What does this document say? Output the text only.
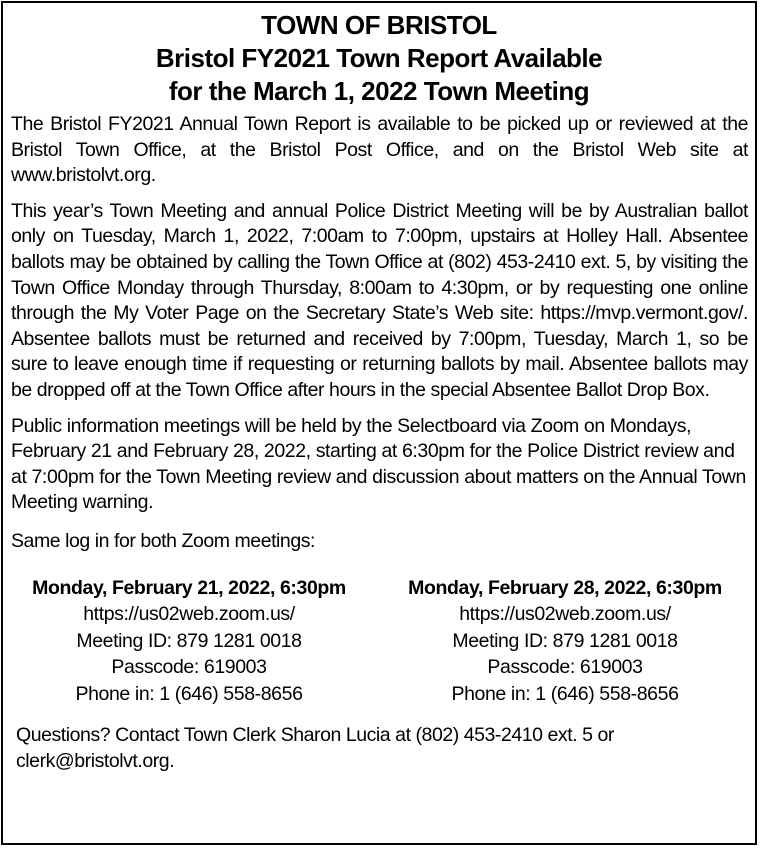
TOWN OF BRISTOL
Bristol FY2021 Town Report Available
for the March 1, 2022 Town Meeting

The Bristol FY2021 Annual Town Report is available to be picked up or reviewed at the Bristol Town Office, at the Bristol Post Office, and on the Bristol Web site at www.bristolvt.org.

This year’s Town Meeting and annual Police District Meeting will be by Australian ballot only on Tuesday, March 1, 2022, 7:00am to 7:00pm, upstairs at Holley Hall. Absentee ballots may be obtained by calling the Town Office at (802) 453-2410 ext. 5, by visiting the Town Office Monday through Thursday, 8:00am to 4:30pm, or by requesting one online through the My Voter Page on the Secretary State’s Web site: https://mvp.vermont.gov/. Absentee ballots must be returned and received by 7:00pm, Tuesday, March 1, so be sure to leave enough time if requesting or returning ballots by mail. Absentee ballots may be dropped off at the Town Office after hours in the special Absentee Ballot Drop Box.

Public information meetings will be held by the Selectboard via Zoom on Mondays, February 21 and February 28, 2022, starting at 6:30pm for the Police District review and at 7:00pm for the Town Meeting review and discussion about matters on the Annual Town Meeting warning.

Same log in for both Zoom meetings:

Monday, February 21, 2022, 6:30pm
https://us02web.zoom.us/
Meeting ID: 879 1281 0018
Passcode: 619003
Phone in: 1 (646) 558-8656
Monday, February 28, 2022, 6:30pm
https://us02web.zoom.us/
Meeting ID: 879 1281 0018
Passcode: 619003
Phone in: 1 (646) 558-8656
Questions? Contact Town Clerk Sharon Lucia at (802) 453-2410 ext. 5 or
clerk@bristolvt.org.
